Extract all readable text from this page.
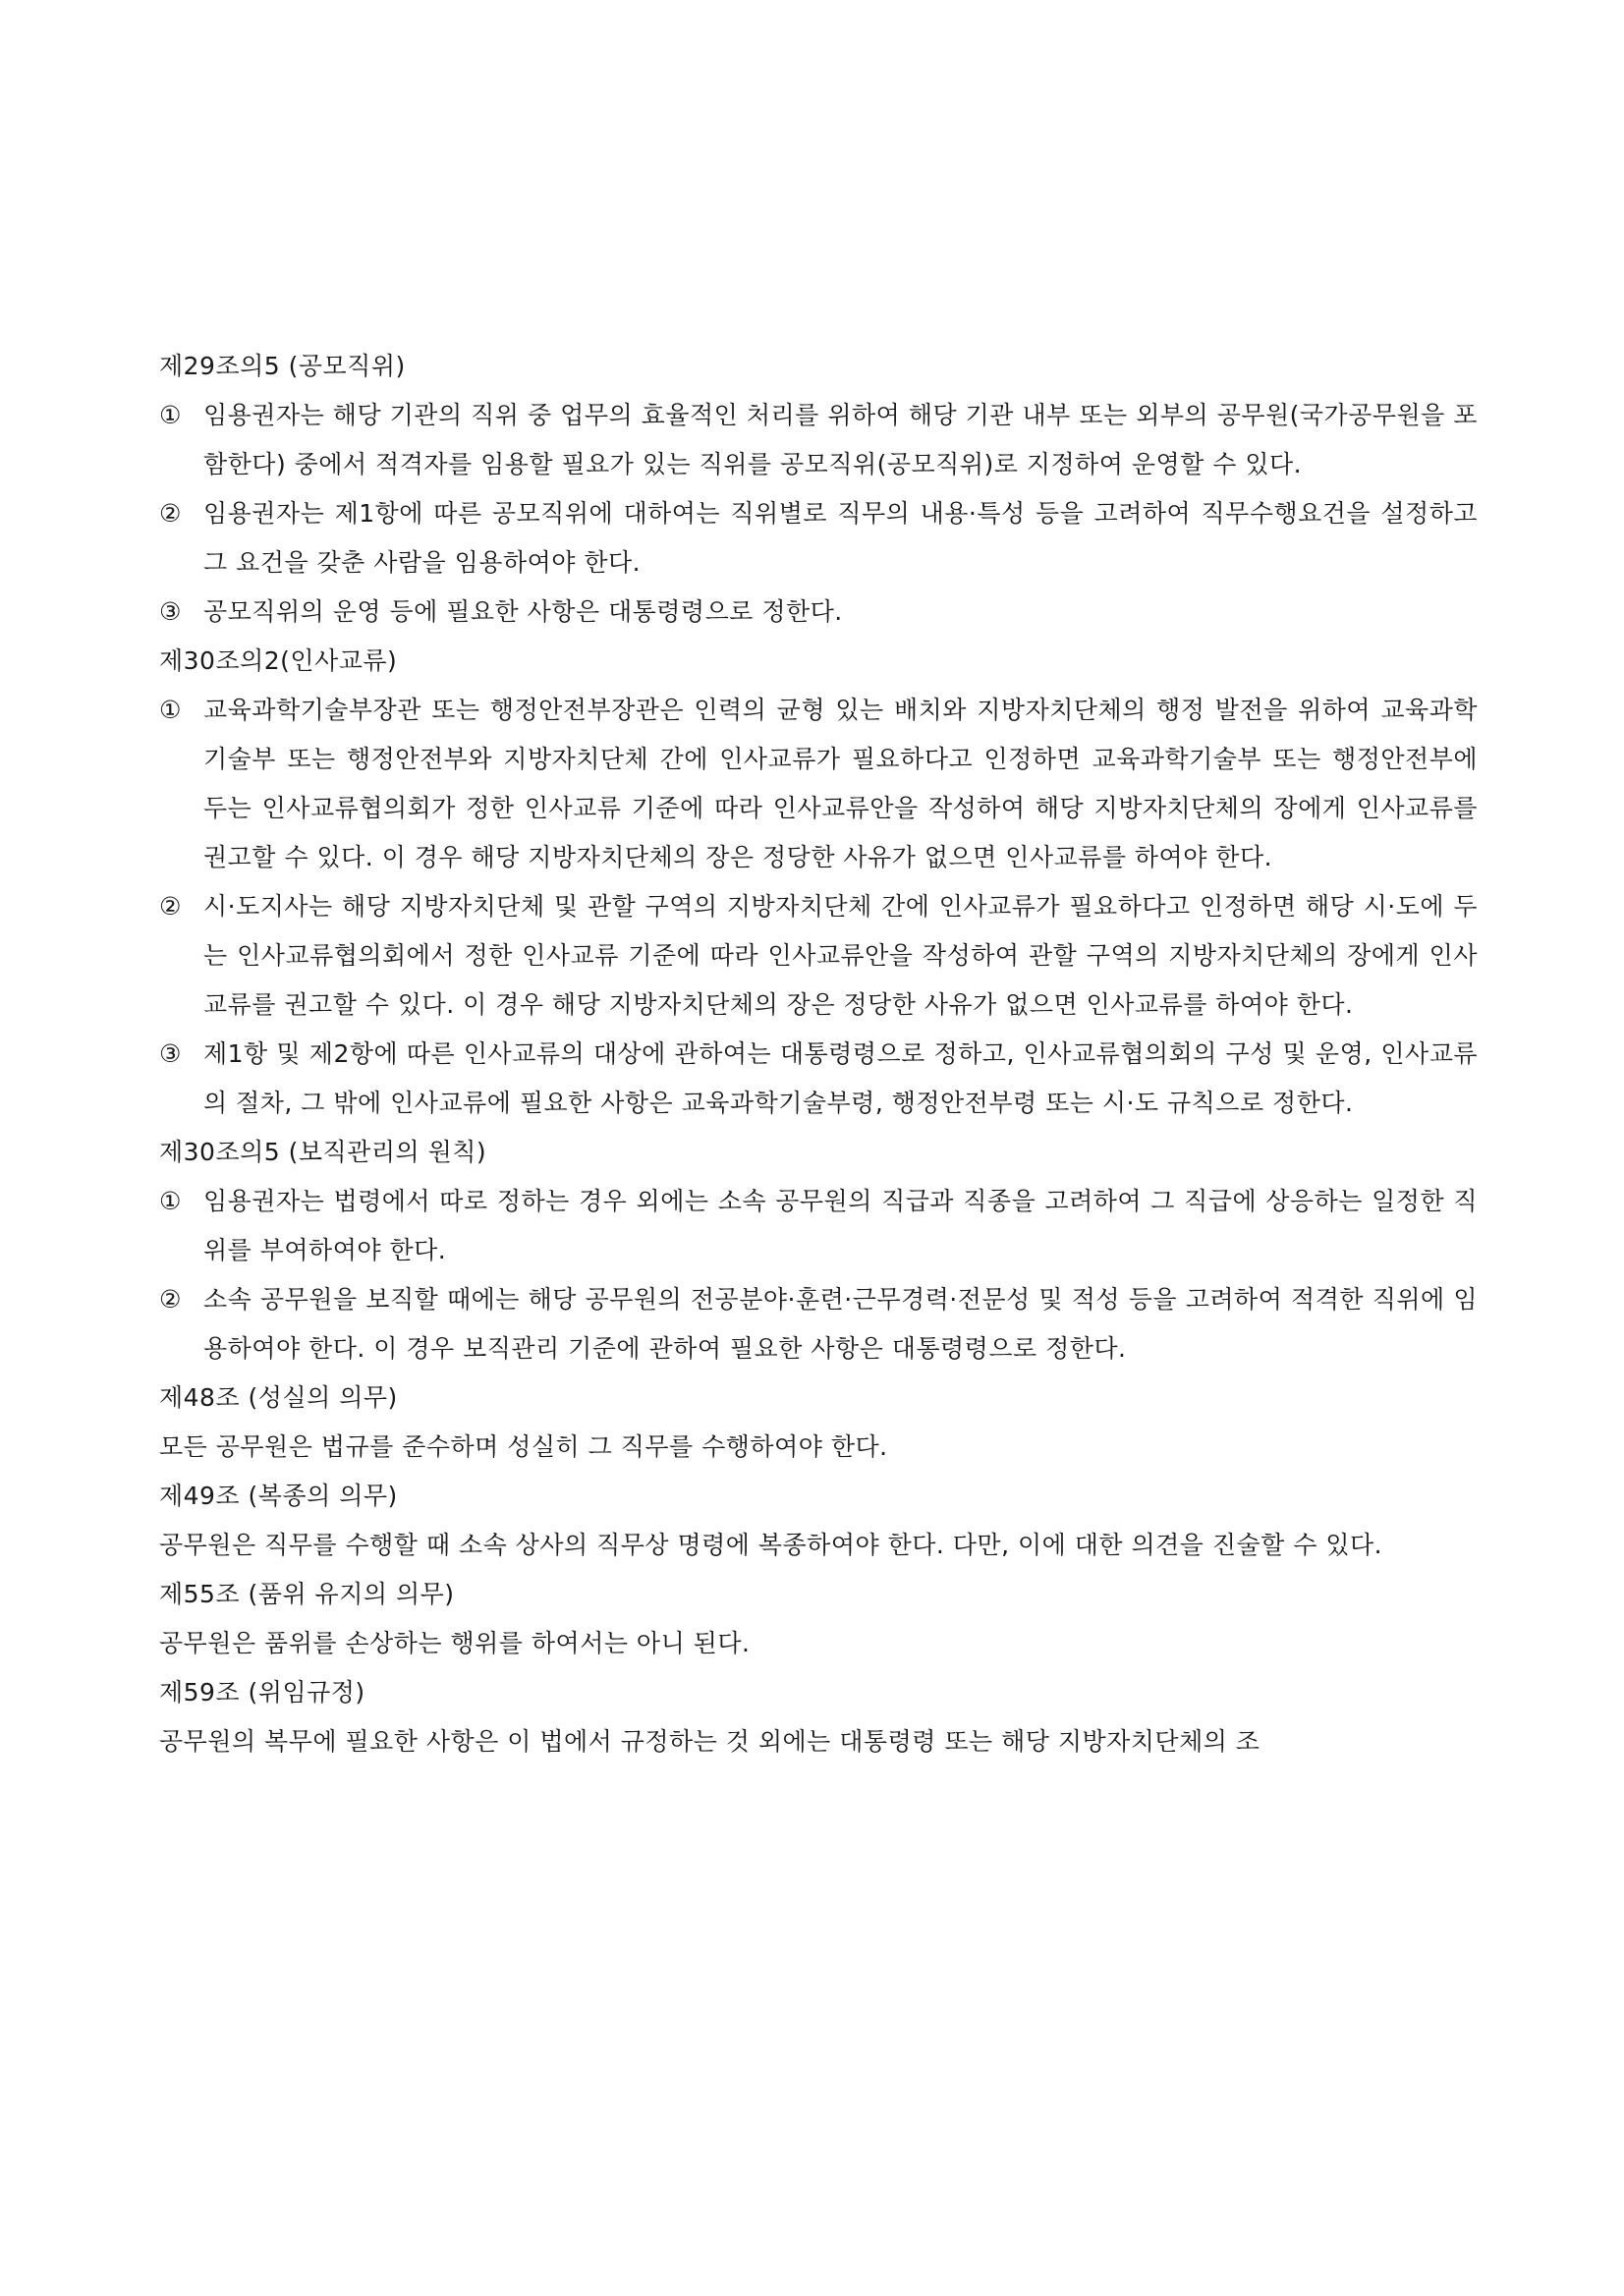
제29조의5 (공모직위)

① 임용권자는 해당 기관의 직위 중 업무의 효율적인 처리를 위하여 해당 기관 내부 또는 외부의 공무원(국가공무원을 포함한다) 중에서 적격자를 임용할 필요가 있는 직위를 공모직위(공모직위)로 지정하여 운영할 수 있다.

② 임용권자는 제1항에 따른 공모직위에 대하여는 직위별로 직무의 내용·특성 등을 고려하여 직무수행요건을 설정하고 그 요건을 갖춘 사람을 임용하여야 한다.

③ 공모직위의 운영 등에 필요한 사항은 대통령령으로 정한다.

제30조의2(인사교류)

① 교육과학기술부장관 또는 행정안전부장관은 인력의 균형 있는 배치와 지방자치단체의 행정 발전을 위하여 교육과학기술부 또는 행정안전부와 지방자치단체 간에 인사교류가 필요하다고 인정하면 교육과학기술부 또는 행정안전부에 두는 인사교류협의회가 정한 인사교류 기준에 따라 인사교류안을 작성하여 해당 지방자치단체의 장에게 인사교류를 권고할 수 있다. 이 경우 해당 지방자치단체의 장은 정당한 사유가 없으면 인사교류를 하여야 한다.

② 시·도지사는 해당 지방자치단체 및 관할 구역의 지방자치단체 간에 인사교류가 필요하다고 인정하면 해당 시·도에 두는 인사교류협의회에서 정한 인사교류 기준에 따라 인사교류안을 작성하여 관할 구역의 지방자치단체의 장에게 인사교류를 권고할 수 있다. 이 경우 해당 지방자치단체의 장은 정당한 사유가 없으면 인사교류를 하여야 한다.

③ 제1항 및 제2항에 따른 인사교류의 대상에 관하여는 대통령령으로 정하고, 인사교류협의회의 구성 및 운영, 인사교류의 절차, 그 밖에 인사교류에 필요한 사항은 교육과학기술부령, 행정안전부령 또는 시·도 규칙으로 정한다.

제30조의5 (보직관리의 원칙)

① 임용권자는 법령에서 따로 정하는 경우 외에는 소속 공무원의 직급과 직종을 고려하여 그 직급에 상응하는 일정한 직위를 부여하여야 한다.

② 소속 공무원을 보직할 때에는 해당 공무원의 전공분야·훈련·근무경력·전문성 및 적성 등을 고려하여 적격한 직위에 임용하여야 한다. 이 경우 보직관리 기준에 관하여 필요한 사항은 대통령령으로 정한다.

제48조 (성실의 의무)

모든 공무원은 법규를 준수하며 성실히 그 직무를 수행하여야 한다.

제49조 (복종의 의무)

공무원은 직무를 수행할 때 소속 상사의 직무상 명령에 복종하여야 한다. 다만, 이에 대한 의견을 진술할 수 있다.

제55조 (품위 유지의 의무)

공무원은 품위를 손상하는 행위를 하여서는 아니 된다.

제59조 (위임규정)

공무원의 복무에 필요한 사항은 이 법에서 규정하는 것 외에는 대통령령 또는 해당 지방자치단체의 조
